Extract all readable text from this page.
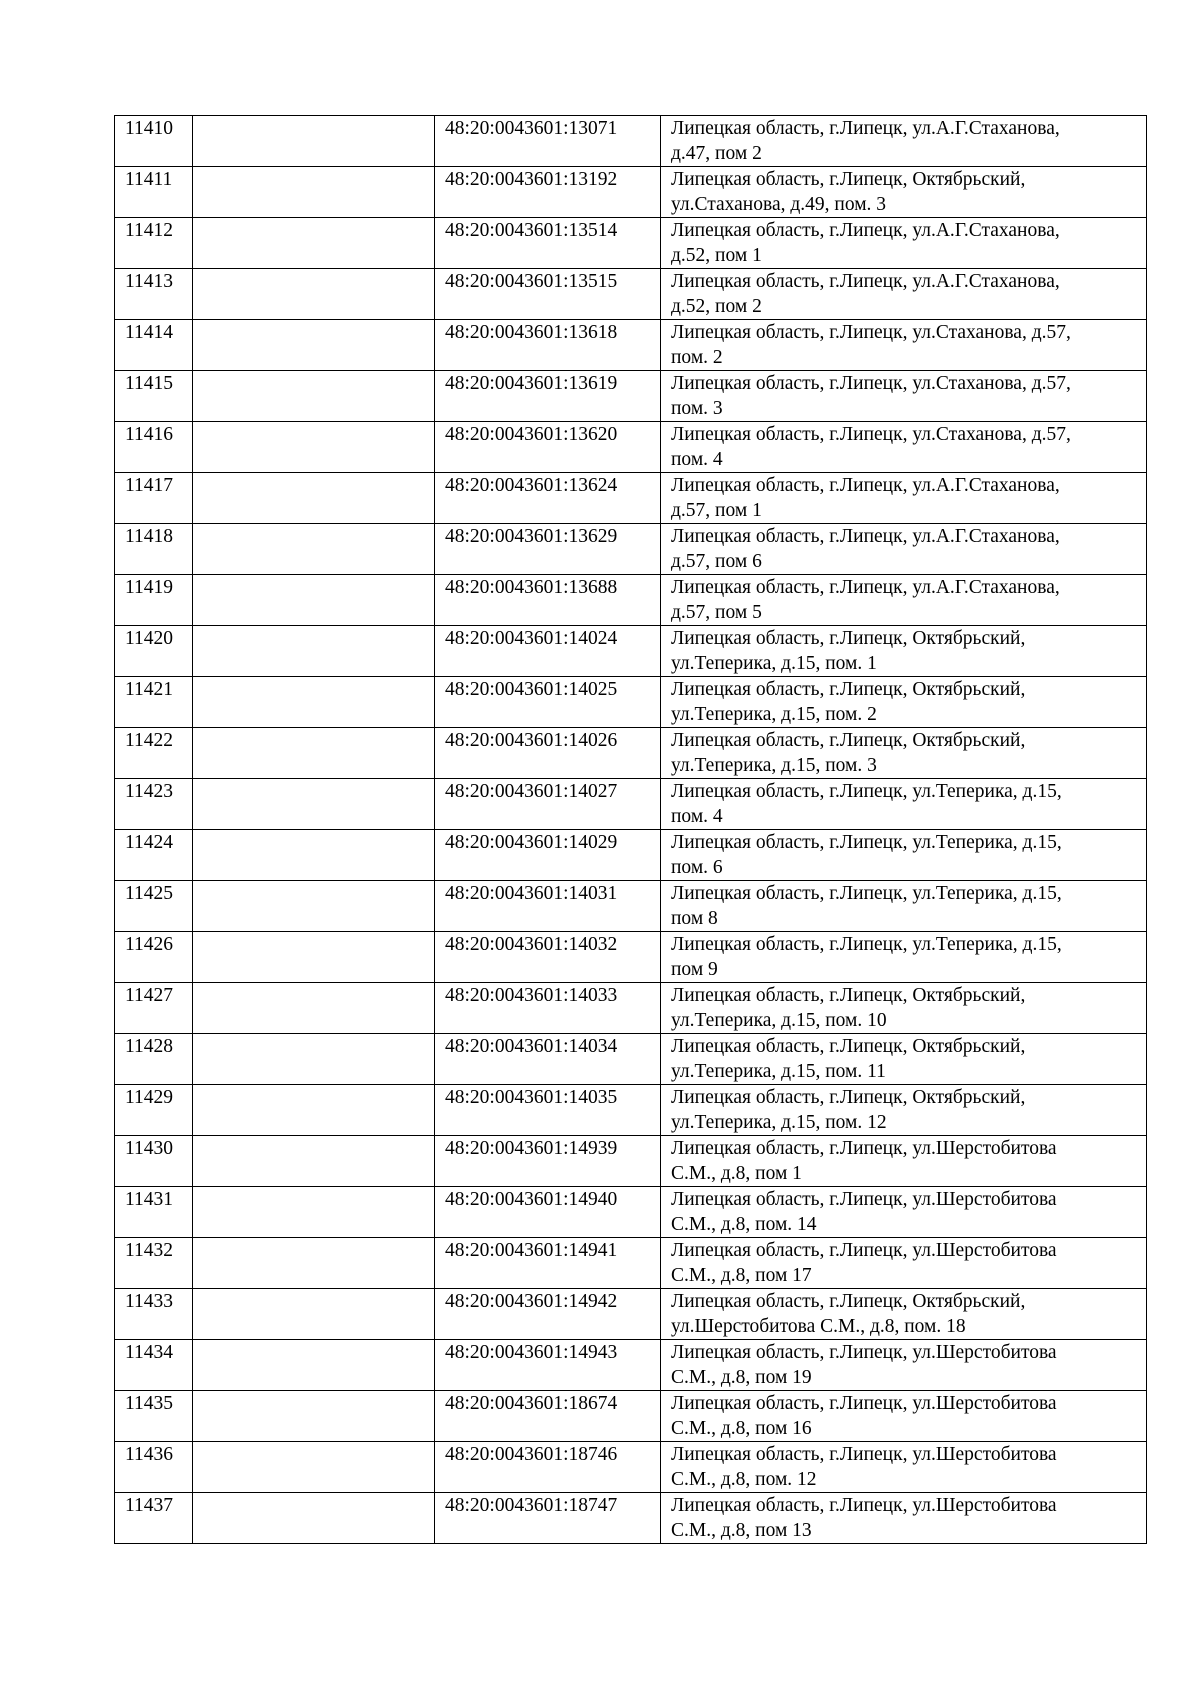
11410		48:20:0043601:13071	Липецкая область, г.Липецк, ул.А.Г.Стаханова,
д.47, пом 2

11411		48:20:0043601:13192	Липецкая область, г.Липецк, Октябрьский,
ул.Стаханова, д.49, пом. 3

11412		48:20:0043601:13514	Липецкая область, г.Липецк, ул.А.Г.Стаханова,
д.52, пом 1

11413		48:20:0043601:13515	Липецкая область, г.Липецк, ул.А.Г.Стаханова,
д.52, пом 2

11414		48:20:0043601:13618	Липецкая область, г.Липецк, ул.Стаханова, д.57,
пом. 2

11415		48:20:0043601:13619	Липецкая область, г.Липецк, ул.Стаханова, д.57,
пом. 3

11416		48:20:0043601:13620	Липецкая область, г.Липецк, ул.Стаханова, д.57,
пом. 4

11417		48:20:0043601:13624	Липецкая область, г.Липецк, ул.А.Г.Стаханова,
д.57, пом 1

11418		48:20:0043601:13629	Липецкая область, г.Липецк, ул.А.Г.Стаханова,
д.57, пом 6

11419		48:20:0043601:13688	Липецкая область, г.Липецк, ул.А.Г.Стаханова,
д.57, пом 5

11420		48:20:0043601:14024	Липецкая область, г.Липецк, Октябрьский,
ул.Теперика, д.15, пом. 1

11421		48:20:0043601:14025	Липецкая область, г.Липецк, Октябрьский,
ул.Теперика, д.15, пом. 2

11422		48:20:0043601:14026	Липецкая область, г.Липецк, Октябрьский,
ул.Теперика, д.15, пом. 3

11423		48:20:0043601:14027	Липецкая область, г.Липецк, ул.Теперика, д.15,
пом. 4

11424		48:20:0043601:14029	Липецкая область, г.Липецк, ул.Теперика, д.15,
пом. 6

11425		48:20:0043601:14031	Липецкая область, г.Липецк, ул.Теперика, д.15,
пом 8

11426		48:20:0043601:14032	Липецкая область, г.Липецк, ул.Теперика, д.15,
пом 9

11427		48:20:0043601:14033	Липецкая область, г.Липецк, Октябрьский,
ул.Теперика, д.15, пом. 10

11428		48:20:0043601:14034	Липецкая область, г.Липецк, Октябрьский,
ул.Теперика, д.15, пом. 11

11429		48:20:0043601:14035	Липецкая область, г.Липецк, Октябрьский,
ул.Теперика, д.15, пом. 12

11430		48:20:0043601:14939	Липецкая область, г.Липецк, ул.Шерстобитова
С.М., д.8, пом 1

11431		48:20:0043601:14940	Липецкая область, г.Липецк, ул.Шерстобитова
С.М., д.8, пом. 14

11432		48:20:0043601:14941	Липецкая область, г.Липецк, ул.Шерстобитова
С.М., д.8, пом 17

11433		48:20:0043601:14942	Липецкая область, г.Липецк, Октябрьский,
ул.Шерстобитова С.М., д.8, пом. 18

11434		48:20:0043601:14943	Липецкая область, г.Липецк, ул.Шерстобитова
С.М., д.8, пом 19

11435		48:20:0043601:18674	Липецкая область, г.Липецк, ул.Шерстобитова
С.М., д.8, пом 16

11436		48:20:0043601:18746	Липецкая область, г.Липецк, ул.Шерстобитова
С.М., д.8, пом. 12

11437		48:20:0043601:18747	Липецкая область, г.Липецк, ул.Шерстобитова
С.М., д.8, пом 13
